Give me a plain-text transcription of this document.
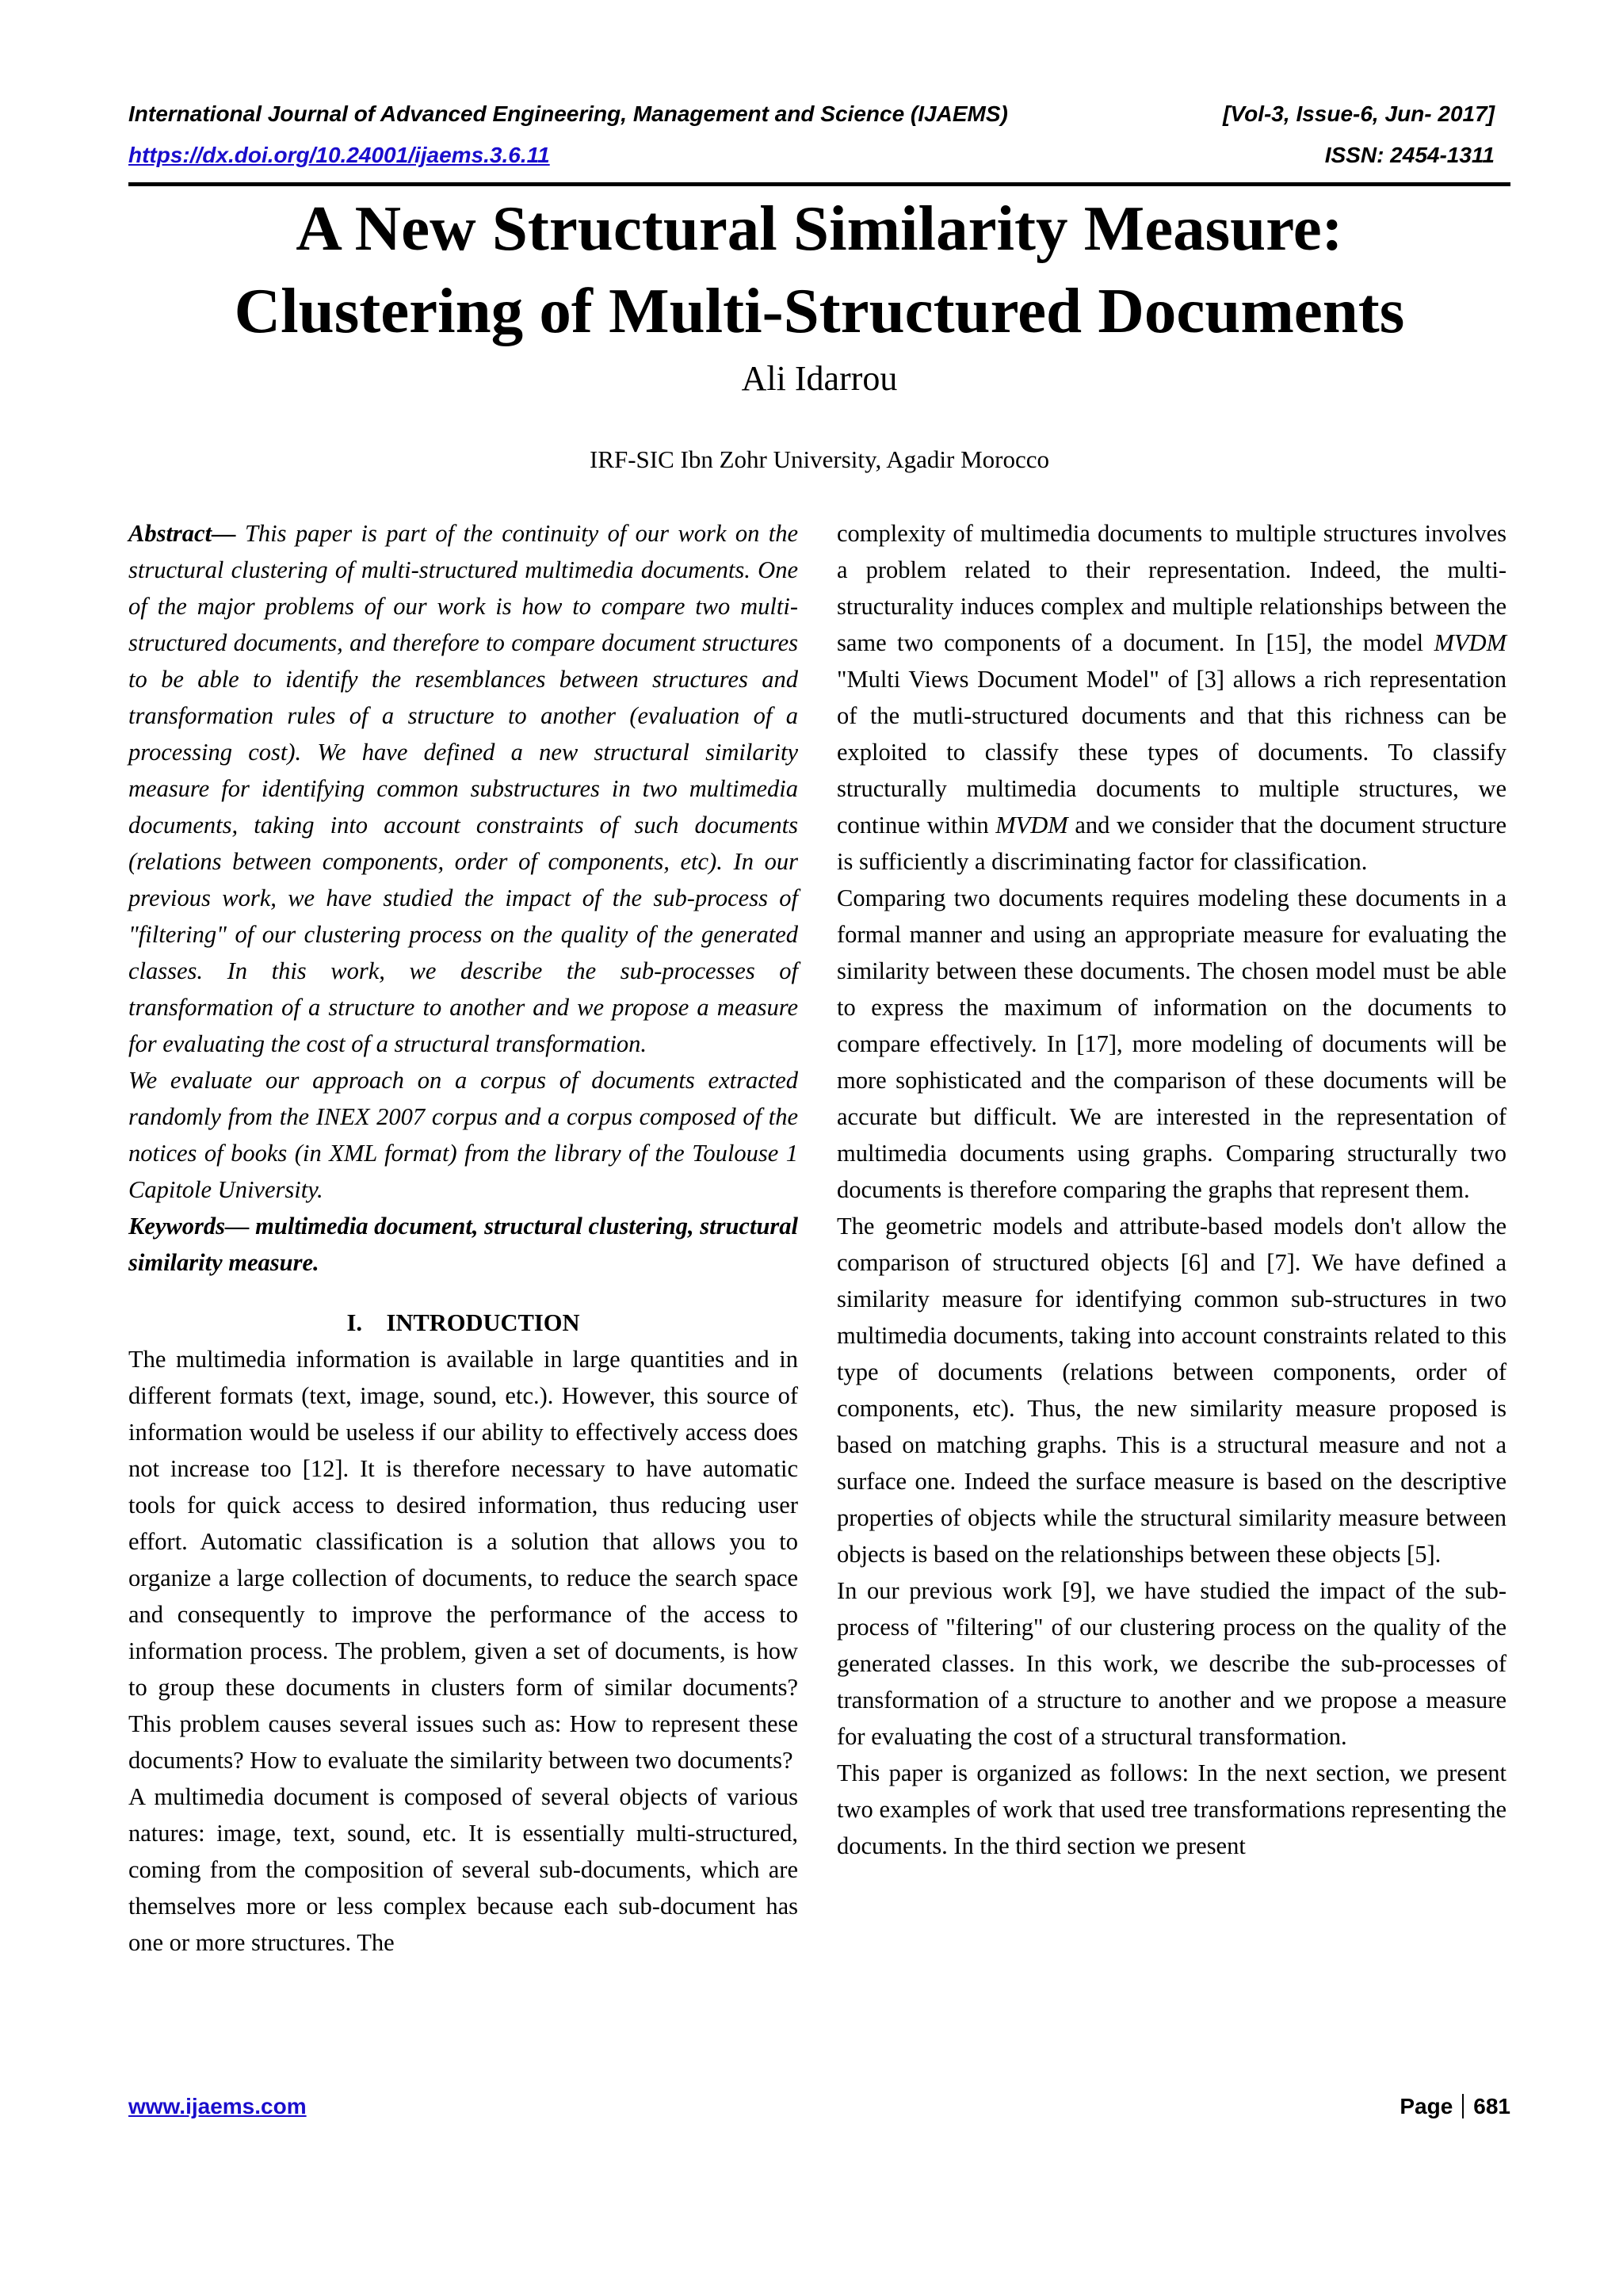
International Journal of Advanced Engineering, Management and Science (IJAEMS)	[Vol-3, Issue-6, Jun- 2017]
https://dx.doi.org/10.24001/ijaems.3.6.11	ISSN: 2454-1311
A New Structural Similarity Measure:
Clustering of Multi-Structured Documents
Ali Idarrou
IRF-SIC Ibn Zohr University, Agadir Morocco

Abstract— This paper is part of the continuity of our work on the structural clustering of multi-structured multimedia documents. One of the major problems of our work is how to compare two multi-structured documents, and therefore to compare document structures to be able to identify the resemblances between structures and transformation rules of a structure to another (evaluation of a processing cost). We have defined a new structural similarity measure for identifying common substructures in two multimedia documents, taking into account constraints of such documents (relations between components, order of components, etc). In our previous work, we have studied the impact of the sub-process of "filtering" of our clustering process on the quality of the generated classes. In this work, we describe the sub-processes of transformation of a structure to another and we propose a measure for evaluating the cost of a structural transformation.

We evaluate our approach on a corpus of documents extracted randomly from the INEX 2007 corpus and a corpus composed of the notices of books (in XML format) from the library of the Toulouse 1 Capitole University.

Keywords— multimedia document, structural clustering, structural similarity measure.

I.    INTRODUCTION

The multimedia information is available in large quantities and in different formats (text, image, sound, etc.). However, this source of information would be useless if our ability to effectively access does not increase too [12]. It is therefore necessary to have automatic tools for quick access to desired information, thus reducing user effort. Automatic classification is a solution that allows you to organize a large collection of documents, to reduce the search space and consequently to improve the performance of the access to information process. The problem, given a set of documents, is how to group these documents in clusters form of similar documents? This problem causes several issues such as: How to represent these documents? How to evaluate the similarity between two documents?

A multimedia document is composed of several objects of various natures: image, text, sound, etc. It is essentially multi-structured, coming from the composition of several sub-documents, which are themselves more or less complex because each sub-document has one or more structures. The

complexity of multimedia documents to multiple structures involves a problem related to their representation. Indeed, the multi-structurality induces complex and multiple relationships between the same two components of a document. In [15], the model MVDM "Multi Views Document Model" of [3] allows a rich representation of the mutli-structured documents and that this richness can be exploited to classify these types of documents. To classify structurally multimedia documents to multiple structures, we continue within MVDM and we consider that the document structure is sufficiently a discriminating factor for classification.

Comparing two documents requires modeling these documents in a formal manner and using an appropriate measure for evaluating the similarity between these documents. The chosen model must be able to express the maximum of information on the documents to compare effectively. In [17], more modeling of documents will be more sophisticated and the comparison of these documents will be accurate but difficult. We are interested in the representation of multimedia documents using graphs. Comparing structurally two documents is therefore comparing the graphs that represent them.

The geometric models and attribute-based models don't allow the comparison of structured objects [6] and [7]. We have defined a similarity measure for identifying common sub-structures in two multimedia documents, taking into account constraints related to this type of documents (relations between components, order of components, etc). Thus, the new similarity measure proposed is based on matching graphs. This is a structural measure and not a surface one. Indeed the surface measure is based on the descriptive properties of objects while the structural similarity measure between objects is based on the relationships between these objects [5].

In our previous work [9], we have studied the impact of the sub-process of "filtering" of our clustering process on the quality of the generated classes. In this work, we describe the sub-processes of transformation of a structure to another and we propose a measure for evaluating the cost of a structural transformation.

This paper is organized as follows: In the next section, we present two examples of work that used tree transformations representing the documents. In the third section we present

www.ijaems.com	Page 681
